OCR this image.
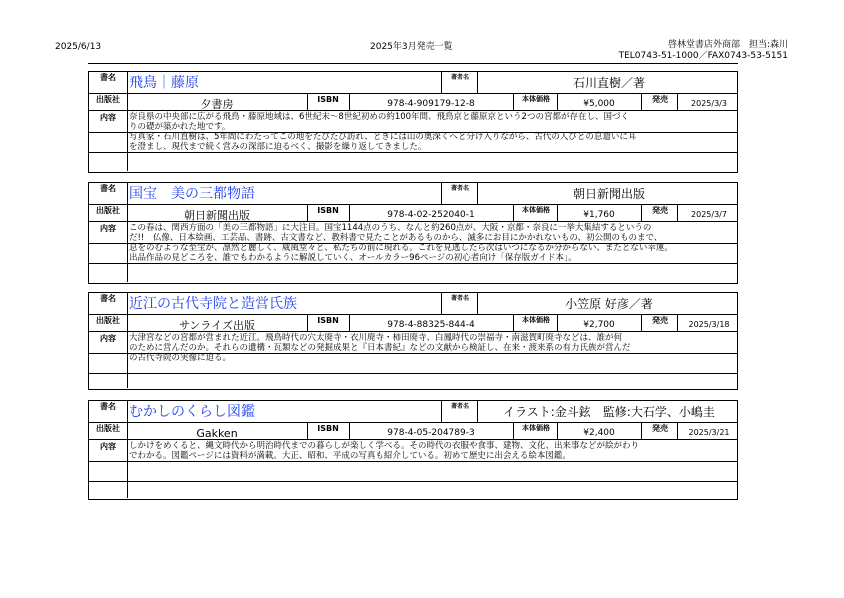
2025/6/13	2025年3月発売一覧	啓林堂書店外商部　担当:森川
TEL0743-51-1000／FAX0743-53-5151
書名 飛鳥｜藤原	著者名	石川直樹／著
出版社	夕書房	ISBN	978-4-909179-12-8	本体価格	¥5,000	発売	2025/3/3
内容	奈良県の中央部に広がる飛鳥・藤原地域は、6世紀末〜8世紀初めの約100年間、飛鳥京と藤原京という2つの宮都が存在し、国づく

りの礎が築かれた地です。

写真家・石川直樹は、5年間にわたってこの地をたびたび訪れ、ときには山の奥深くへと分け入りながら、古代の人びとの息遣いに耳

を澄まし、現代まで続く営みの深部に迫るべく、撮影を繰り返してきました。

書名 国宝　美の三都物語	著者名	朝日新聞出版
出版社	朝日新聞出版	ISBN	978-4-02-252040-1	本体価格	¥1,760	発売	2025/3/7
内容	この春は、関西方面の「美の三都物語」に大注目。国宝1144点のうち、なんと約260点が、大阪・京都・奈良に一挙大集結するというの

だ!!　仏像、日本絵画、工芸品、書跡、古文書など、教科書で見たことがあるものから、滅多にお目にかかれないもの、初公開のものまで、

息をのむような至宝が、凛然と麗しく、威風堂々と、私たちの前に現れる。これを見逃したら次はいつになるか分からない、またとない幸運。

出品作品の見どころを、誰でもわかるように解説していく、オールカラー96ページの初心者向け「保存版ガイド本」。

書名 近江の古代寺院と造営氏族	著者名	小笠原 好彦／著
出版社	サンライズ出版	ISBN	978-4-88325-844-4	本体価格	¥2,700	発売	2025/3/18
内容	大津宮などの宮都が営まれた近江。飛鳥時代の穴太廃寺・衣川廃寺・柿田廃寺、白鳳時代の崇福寺・南滋賀町廃寺などは、誰が何

のために営んだのか。それらの遺構・瓦類などの発掘成果と『日本書紀』などの文献から検証し、在来・渡来系の有力氏族が営んだ

の古代寺院の実像に迫る。

書名 むかしのくらし図鑑	著者名	イラスト:金斗鉉　監修:大石学、小嶋圭
出版社	Gakken	ISBN	978-4-05-204789-3	本体価格	¥2,400	発売	2025/3/21
内容	しかけをめくると、縄文時代から明治時代までの暮らしが楽しく学べる。その時代の衣服や食事、建物、文化、出来事などが絵がわり

でわかる。図鑑ページには資料が満載。大正、昭和、平成の写真も紹介している。初めて歴史に出会える絵本図鑑。
